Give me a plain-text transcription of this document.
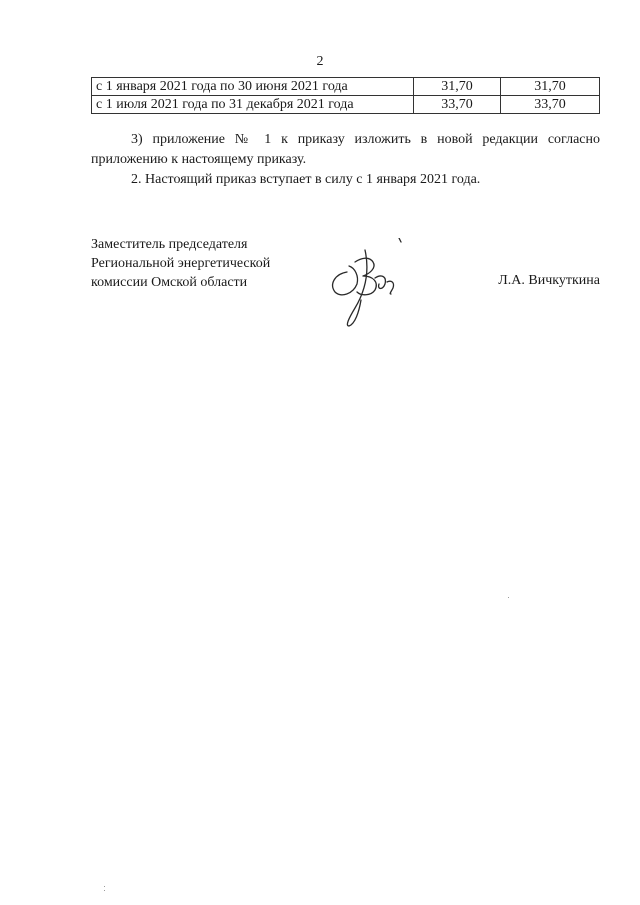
2
с 1 января 2021 года по 30 июня 2021 года	31,70	31,70
с 1 июля 2021 года по 31 декабря 2021 года	33,70	33,70

3) приложение № 1 к приказу изложить в новой редакции согласно приложению к настоящему приказу.

2. Настоящий приказ вступает в силу с 1 января 2021 года.

Заместитель председателя
Региональной энергетической
комиссии Омской области	Л.А. Вичкуткина
